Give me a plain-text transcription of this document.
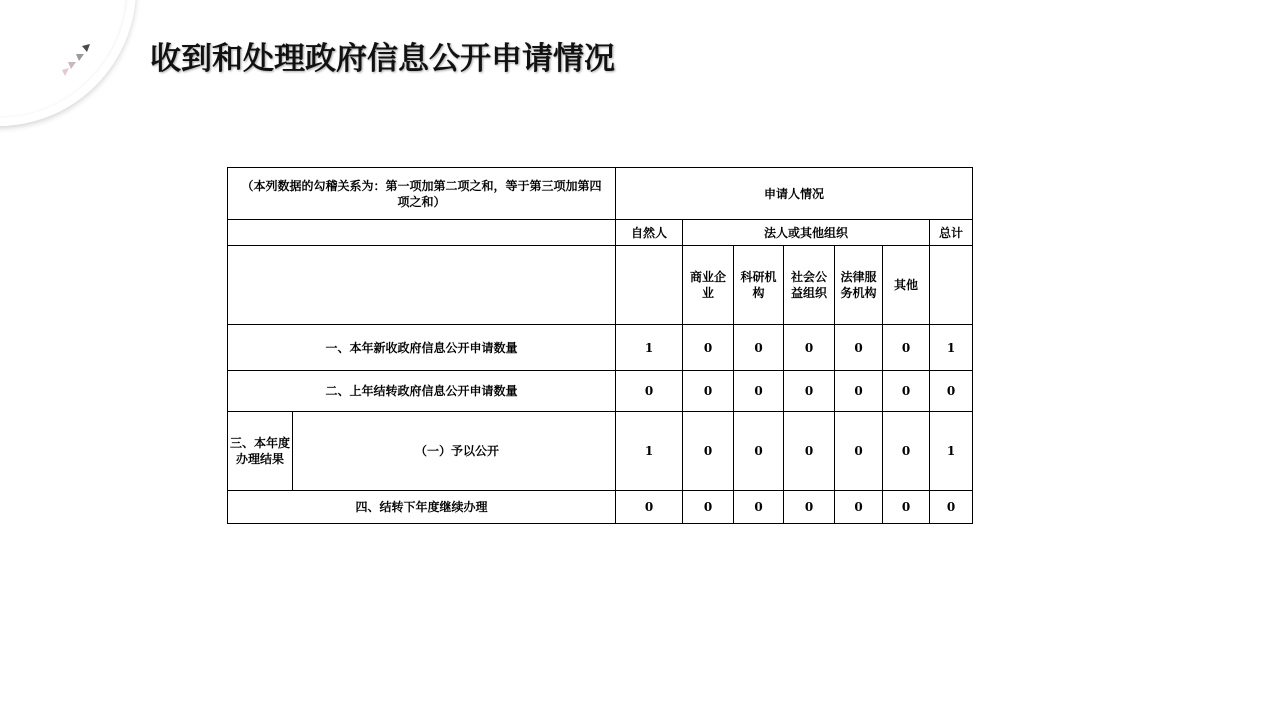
收到和处理政府信息公开申请情况
（本列数据的勾稽关系为：第一项加第二项之和，等于第三项加第四项之和）		申请人情况						
		自然人	法人或其他组织					总计
			商业企业	科研机构	社会公益组织	法律服务机构	其他	
一、本年新收政府信息公开申请数量		1	0	0	0	0	0	1
二、上年结转政府信息公开申请数量		0	0	0	0	0	0	0
三、本年度办理结果	（一）予以公开	1	0	0	0	0	0	1
四、结转下年度继续办理		0	0	0	0	0	0	0
